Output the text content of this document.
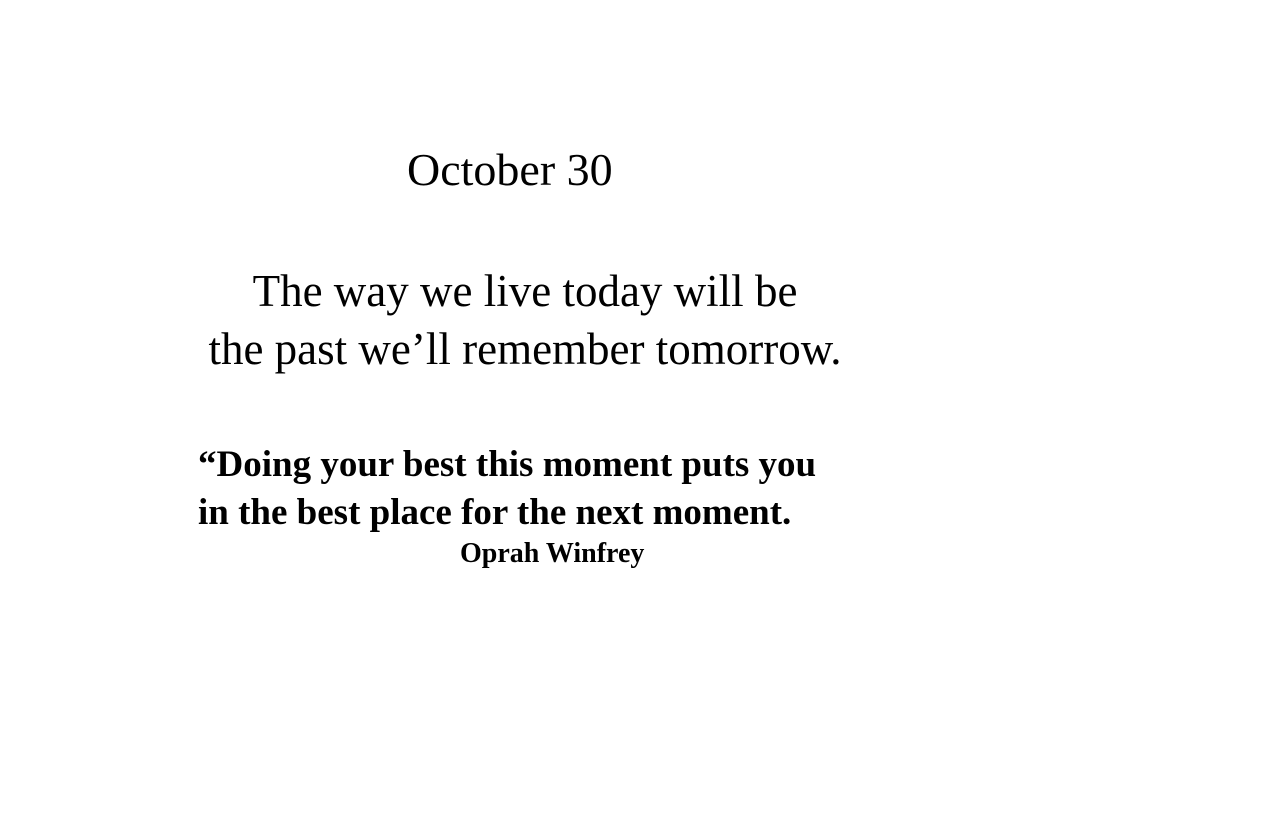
October 30
The way we live today will be
the past we’ll remember tomorrow.
“Doing your best this moment puts you
in the best place for the next moment.
Oprah Winfrey
